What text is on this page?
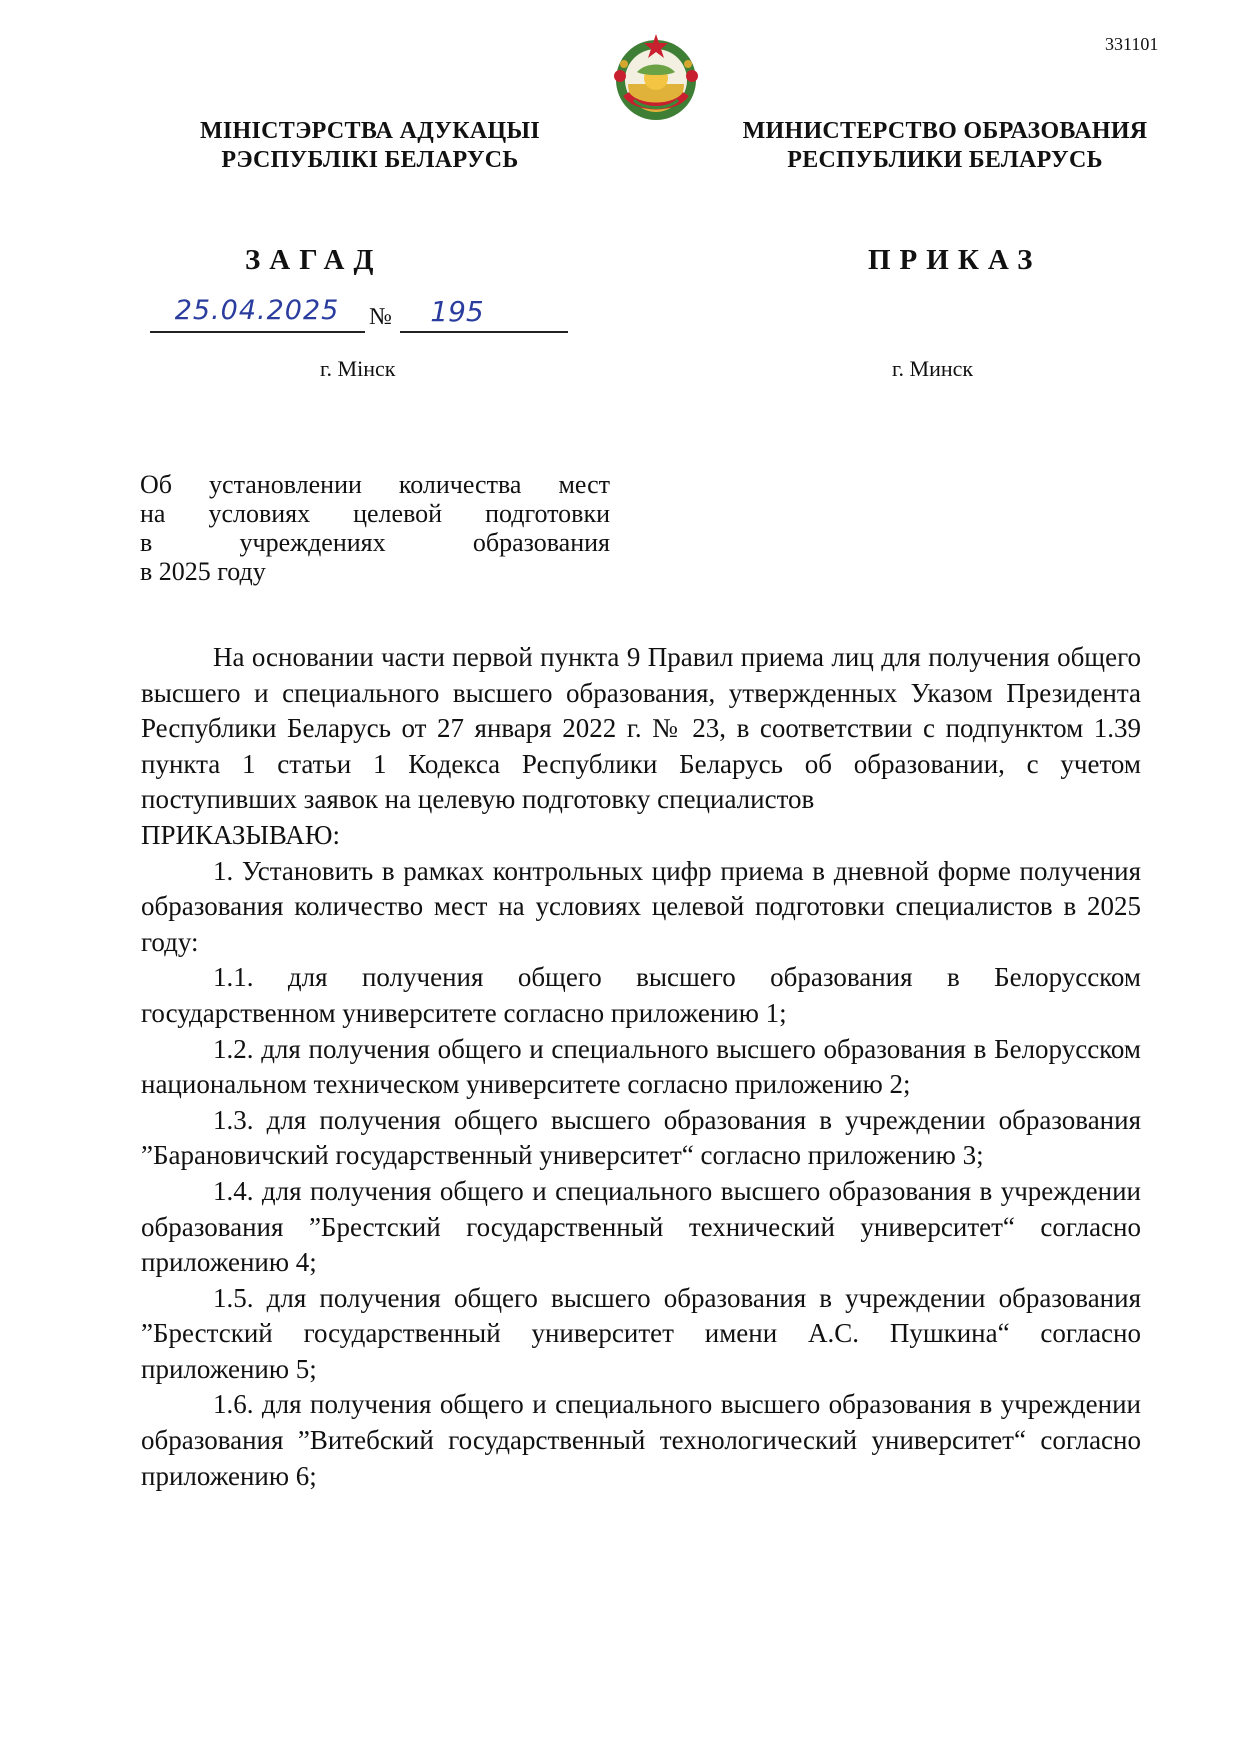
331101
МІНІСТЭРСТВА АДУКАЦЫІ
РЭСПУБЛІКІ БЕЛАРУСЬ
МИНИСТЕРСТВО ОБРАЗОВАНИЯ
РЕСПУБЛИКИ БЕЛАРУСЬ
ЗАГАД	ПРИКАЗ
25.04.2025	№	195
г. Мінск	г. Минск
Об установлении количества мест
на условиях целевой подготовки
в учреждениях образования
в 2025 году

На основании части первой пункта 9 Правил приема лиц для получения общего высшего и специального высшего образования, утвержденных Указом Президента Республики Беларусь от 27 января 2022 г. № 23, в соответствии с подпунктом 1.39 пункта 1 статьи 1 Кодекса Республики Беларусь об образовании, с учетом поступивших заявок на целевую подготовку специалистов

ПРИКАЗЫВАЮ:

1. Установить в рамках контрольных цифр приема в дневной форме получения образования количество мест на условиях целевой подготовки специалистов в 2025 году:

1.1. для получения общего высшего образования в Белорусском государственном университете согласно приложению 1;

1.2. для получения общего и специального высшего образования в Белорусском национальном техническом университете согласно приложению 2;

1.3. для получения общего высшего образования в учреждении образования ”Барановичский государственный университет“ согласно приложению 3;

1.4. для получения общего и специального высшего образования в учреждении образования ”Брестский государственный технический университет“ согласно приложению 4;

1.5. для получения общего высшего образования в учреждении образования ”Брестский государственный университет имени А.С. Пушкина“ согласно приложению 5;

1.6. для получения общего и специального высшего образования в учреждении образования ”Витебский государственный технологический университет“ согласно приложению 6;
